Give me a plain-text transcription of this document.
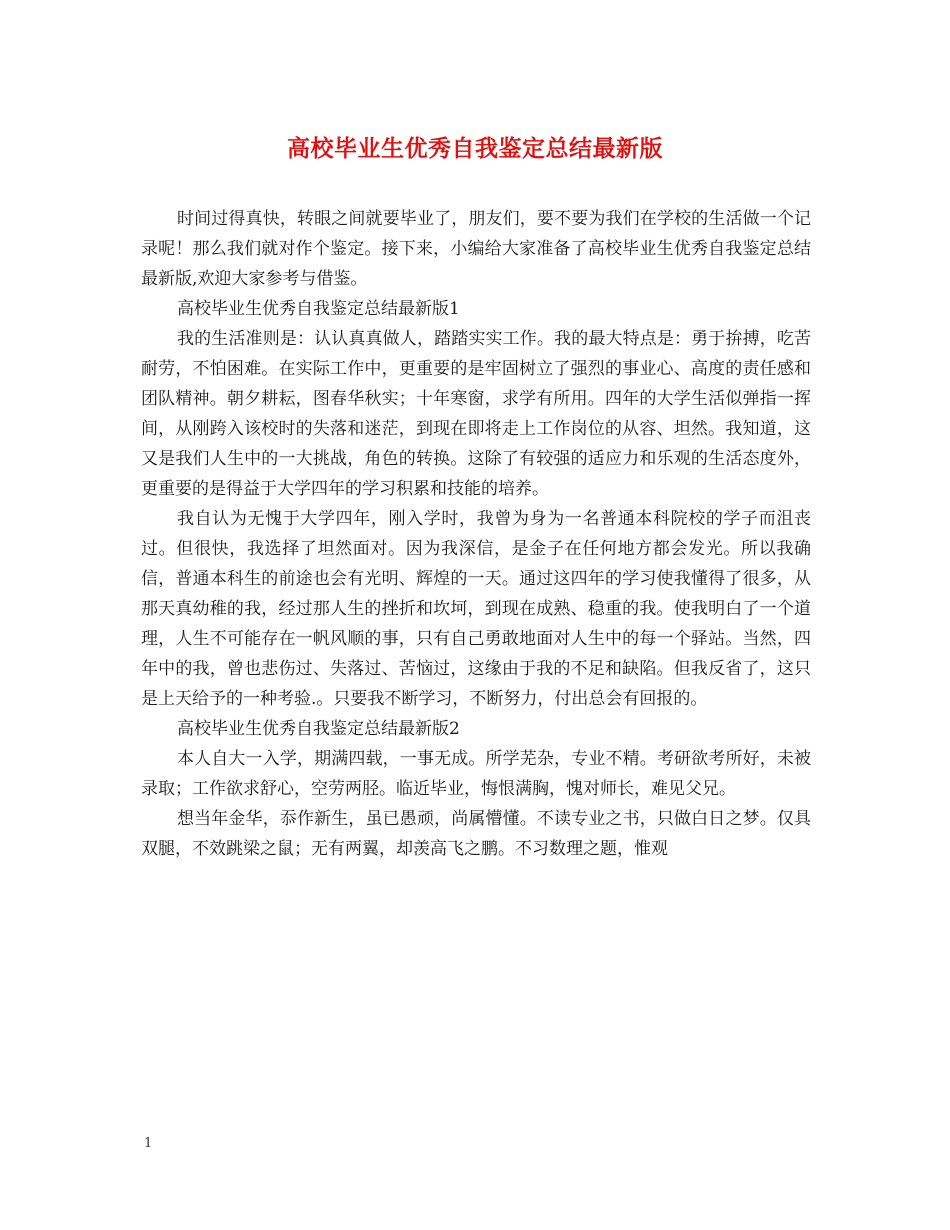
高校毕业生优秀自我鉴定总结最新版

时间过得真快，转眼之间就要毕业了，朋友们，要不要为我们在学校的生活做一个记录呢！那么我们就对作个鉴定。接下来，小编给大家准备了高校毕业生优秀自我鉴定总结最新版,欢迎大家参考与借鉴。

高校毕业生优秀自我鉴定总结最新版1

我的生活准则是：认认真真做人，踏踏实实工作。我的最大特点是：勇于拚搏，吃苦耐劳，不怕困难。在实际工作中，更重要的是牢固树立了强烈的事业心、高度的责任感和团队精神。朝夕耕耘，图春华秋实；十年寒窗，求学有所用。四年的大学生活似弹指一挥间，从刚跨入该校时的失落和迷茫，到现在即将走上工作岗位的从容、坦然。我知道，这又是我们人生中的一大挑战，角色的转换。这除了有较强的适应力和乐观的生活态度外，更重要的是得益于大学四年的学习积累和技能的培养。

我自认为无愧于大学四年，刚入学时，我曾为身为一名普通本科院校的学子而沮丧过。但很快，我选择了坦然面对。因为我深信，是金子在任何地方都会发光。所以我确信，普通本科生的前途也会有光明、辉煌的一天。通过这四年的学习使我懂得了很多，从那天真幼稚的我，经过那人生的挫折和坎坷，到现在成熟、稳重的我。使我明白了一个道理，人生不可能存在一帆风顺的事，只有自己勇敢地面对人生中的每一个驿站。当然，四年中的我，曾也悲伤过、失落过、苦恼过，这缘由于我的不足和缺陷。但我反省了，这只是上天给予的一种考验.。只要我不断学习，不断努力，付出总会有回报的。

高校毕业生优秀自我鉴定总结最新版2

本人自大一入学，期满四载，一事无成。所学芜杂，专业不精。考研欲考所好，未被录取；工作欲求舒心，空劳两胫。临近毕业，悔恨满胸，愧对师长，难见父兄。

想当年金华，忝作新生，虽已愚顽，尚属懵懂。不读专业之书，只做白日之梦。仅具双腿，不效跳梁之鼠；无有两翼，却羡高飞之鹏。不习数理之题，惟观

1
